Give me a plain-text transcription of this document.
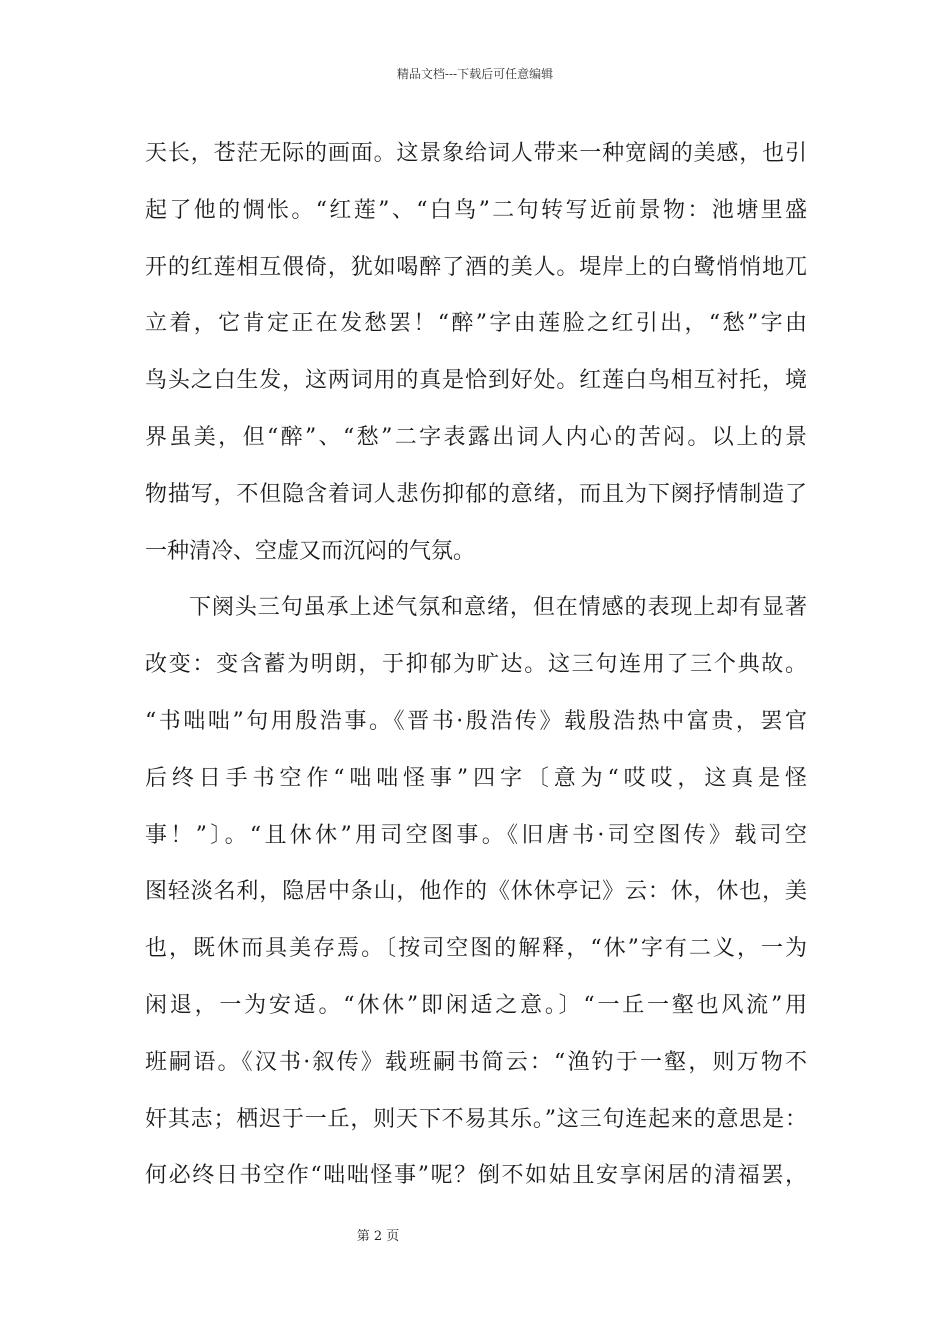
精品文档---下载后可任意编辑
天长，苍茫无际的画面。这景象给词人带来一种宽阔的美感，也引
起了他的惆怅。“红莲”、“白鸟”二句转写近前景物：池塘里盛
开的红莲相互偎倚，犹如喝醉了酒的美人。堤岸上的白鹭悄悄地兀
立着，它肯定正在发愁罢！“醉”字由莲脸之红引出，“愁”字由
鸟头之白生发，这两词用的真是恰到好处。红莲白鸟相互衬托，境
界虽美，但“醉”、“愁”二字表露出词人内心的苦闷。以上的景
物描写，不但隐含着词人悲伤抑郁的意绪，而且为下阕抒情制造了
一种清冷、空虚又而沉闷的气氛。
下阕头三句虽承上述气氛和意绪，但在情感的表现上却有显著
改变：变含蓄为明朗，于抑郁为旷达。这三句连用了三个典故。
“书咄咄”句用殷浩事。《晋书·殷浩传》载殷浩热中富贵，罢官
后终日手书空作“咄咄怪事”四字〔意为“哎哎，这真是怪
事！”〕。“且休休”用司空图事。《旧唐书·司空图传》载司空
图轻淡名利，隐居中条山，他作的《休休亭记》云：休，休也，美
也，既休而具美存焉。〔按司空图的解释，“休”字有二义，一为
闲退，一为安适。“休休”即闲适之意。〕“一丘一壑也风流”用
班嗣语。《汉书·叙传》载班嗣书简云：“渔钓于一壑，则万物不
奸其志；栖迟于一丘，则天下不易其乐。”这三句连起来的意思是：
何必终日书空作“咄咄怪事”呢？倒不如姑且安享闲居的清福罢，
第 2 页
